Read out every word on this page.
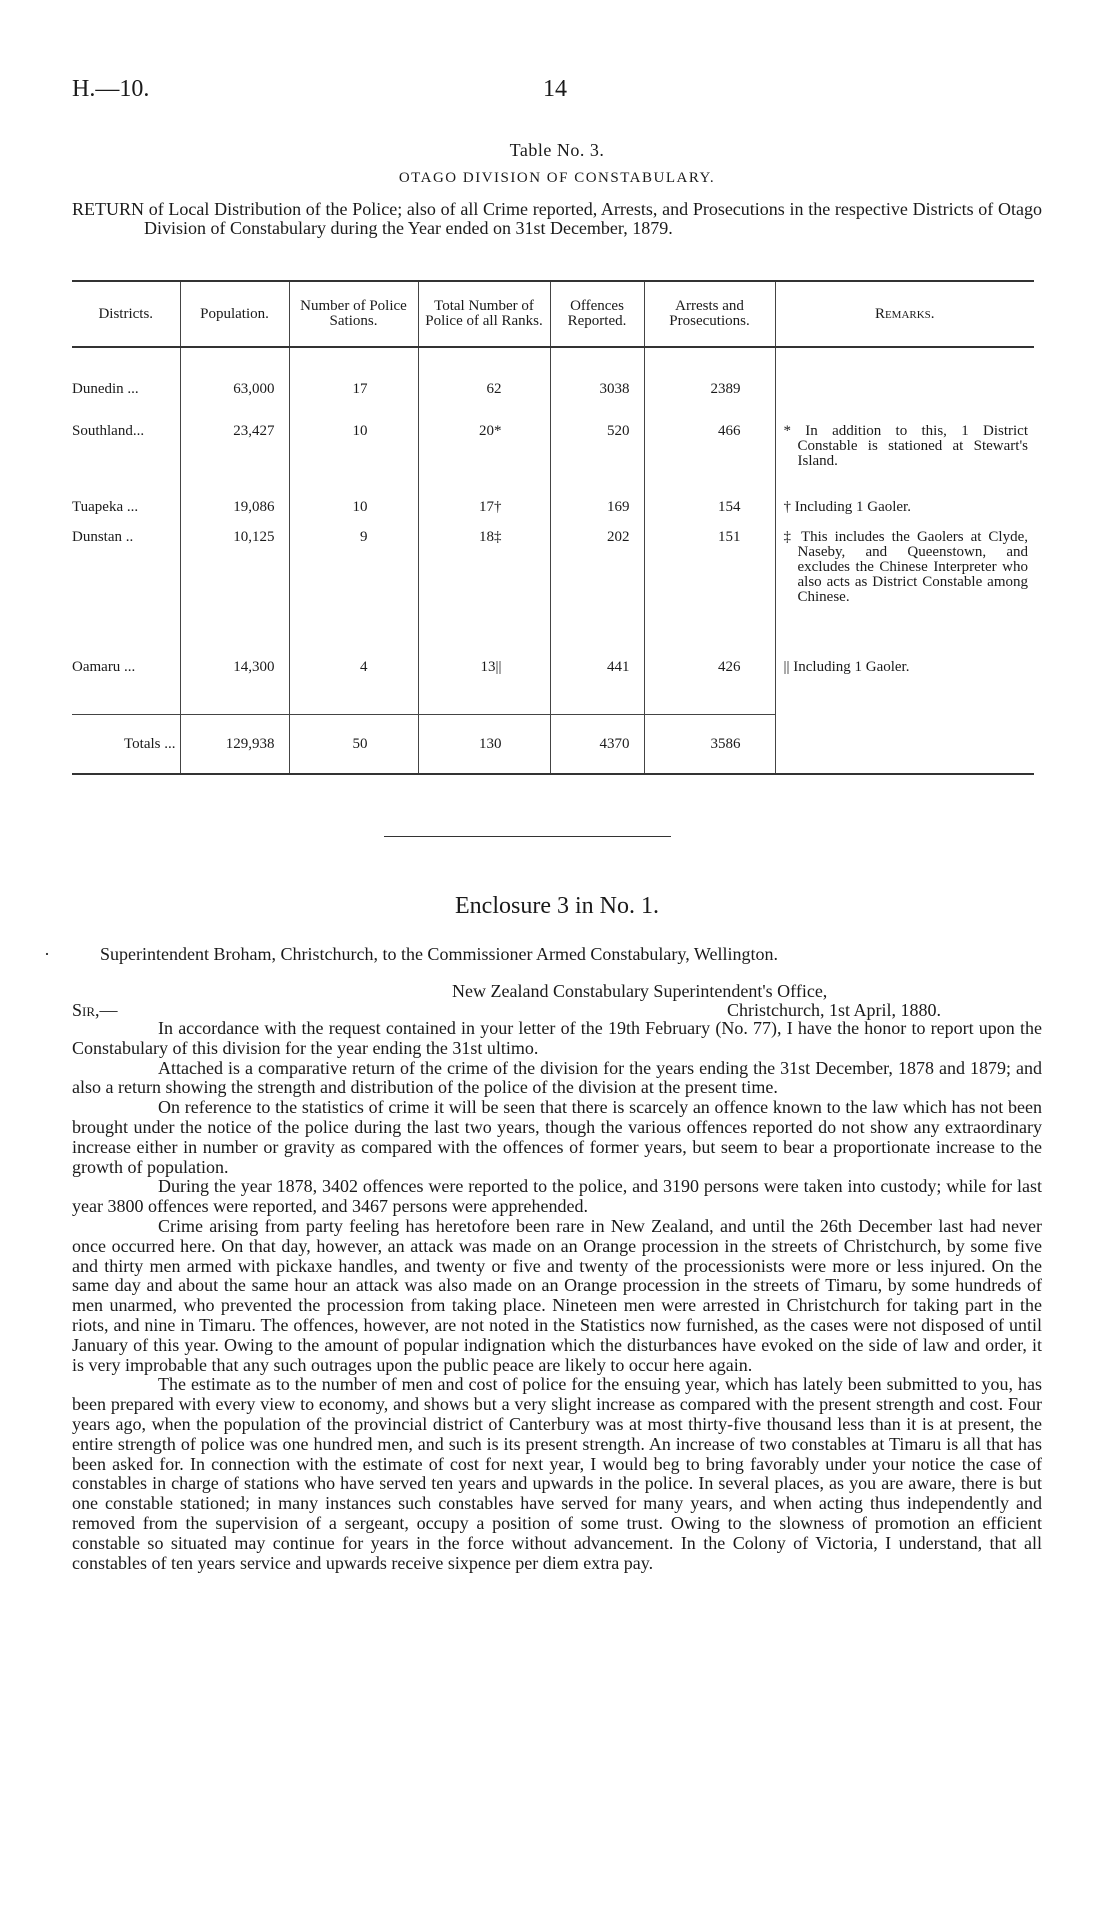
H.—10.	14
Table No. 3.
OTAGO DIVISION OF CONSTABULARY.
RETURN of Local Distribution of the Police; also of all Crime reported, Arrests, and Prosecutions in the respective Districts of Otago Division of Constabulary during the Year ended on 31st December, 1879.
Districts.	Population.	Number of Police Sations.	Total Number of Police of all Ranks.	Offences Reported.	Arrests and Prosecutions.	Remarks.
Dunedin ...	63,000	17	62	3038	2389	

Southland...	23,427	10	20*	520	466	* In addition to this, 1 District Constable is stationed at Stewart's Island.

Tuapeka ...	19,086	10	17†	169	154	† Including 1 Gaoler.

Dunstan ..	10,125	9	18‡	202	151	‡ This includes the Gaolers at Clyde, Naseby, and Queenstown, and excludes the Chinese Interpreter who also acts as District Constable among Chinese.

Oamaru ...	14,300	4	13||	441	426	|| Including 1 Gaoler.

Totals ...	129,938	50	130	4370	3586	
Enclosure 3 in No. 1.
·	Superintendent Broham, Christchurch, to the Commissioner Armed Constabulary, Wellington.
New Zealand Constabulary Superintendent's Office,
Sir,—	Christchurch, 1st April, 1880.

In accordance with the request contained in your letter of the 19th February (No. 77), I have the honor to report upon the Constabulary of this division for the year ending the 31st ultimo.

Attached is a comparative return of the crime of the division for the years ending the 31st December, 1878 and 1879; and also a return showing the strength and distribution of the police of the division at the present time.

On reference to the statistics of crime it will be seen that there is scarcely an offence known to the law which has not been brought under the notice of the police during the last two years, though the various offences reported do not show any extraordinary increase either in number or gravity as compared with the offences of former years, but seem to bear a proportionate increase to the growth of population.

During the year 1878, 3402 offences were reported to the police, and 3190 persons were taken into custody; while for last year 3800 offences were reported, and 3467 persons were apprehended.

Crime arising from party feeling has heretofore been rare in New Zealand, and until the 26th December last had never once occurred here. On that day, however, an attack was made on an Orange procession in the streets of Christchurch, by some five and thirty men armed with pickaxe handles, and twenty or five and twenty of the processionists were more or less injured. On the same day and about the same hour an attack was also made on an Orange procession in the streets of Timaru, by some hundreds of men unarmed, who prevented the procession from taking place. Nineteen men were arrested in Christchurch for taking part in the riots, and nine in Timaru. The offences, however, are not noted in the Statistics now furnished, as the cases were not disposed of until January of this year. Owing to the amount of popular indignation which the disturbances have evoked on the side of law and order, it is very improbable that any such outrages upon the public peace are likely to occur here again.

The estimate as to the number of men and cost of police for the ensuing year, which has lately been submitted to you, has been prepared with every view to economy, and shows but a very slight increase as compared with the present strength and cost. Four years ago, when the population of the provincial district of Canterbury was at most thirty-five thousand less than it is at present, the entire strength of police was one hundred men, and such is its present strength. An increase of two constables at Timaru is all that has been asked for. In connection with the estimate of cost for next year, I would beg to bring favorably under your notice the case of constables in charge of stations who have served ten years and upwards in the police. In several places, as you are aware, there is but one constable stationed; in many instances such constables have served for many years, and when acting thus independently and removed from the supervision of a sergeant, occupy a position of some trust. Owing to the slowness of promotion an efficient constable so situated may continue for years in the force without advancement. In the Colony of Victoria, I understand, that all constables of ten years service and upwards receive sixpence per diem extra pay.
